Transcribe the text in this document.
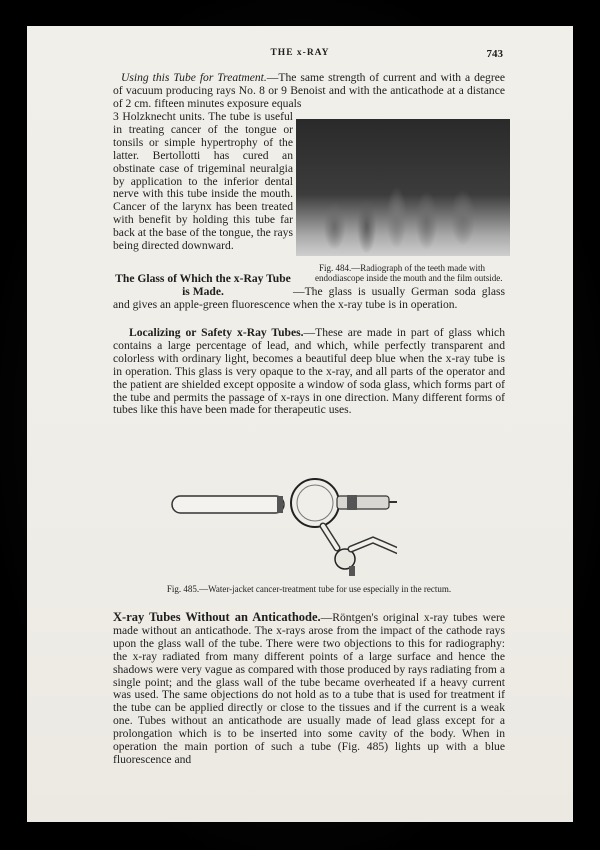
THE x-RAY	743
Using this Tube for Treatment.—The same strength of current and with a degree of vacuum producing rays No. 8 or 9 Benoist and with the anticathode at a distance of 2 cm. fifteen minutes exposure equals
3 Holzknecht units. The tube is useful in treating cancer of the tongue or tonsils or simple hypertrophy of the latter. Bertollotti has cured an obstinate case of trigeminal neuralgia by application to the inferior dental nerve with this tube inside the mouth. Cancer of the larynx has been treated with benefit by holding this tube far back at the base of the tongue, the rays being directed downward.
Fig. 484.—Radiograph of the teeth made with endodiascope inside the mouth and the film outside.
The Glass of Which the x-Ray Tube is Made.	—The glass is usually German soda glass and gives an apple-green fluorescence when the x-ray tube is in operation.
Localizing or Safety x-Ray Tubes.—These are made in part of glass which contains a large percentage of lead, and which, while perfectly transparent and colorless with ordinary light, becomes a beautiful deep blue when the x-ray tube is in operation. This glass is very opaque to the x-ray, and all parts of the operator and the patient are shielded except opposite a window of soda glass, which forms part of the tube and permits the passage of x-rays in one direction. Many different forms of tubes like this have been made for therapeutic uses.
Fig. 485.—Water-jacket cancer-treatment tube for use especially in the rectum.
X-ray Tubes Without an Anticathode.—Röntgen's original x-ray tubes were made without an anticathode. The x-rays arose from the impact of the cathode rays upon the glass wall of the tube. There were two objections to this for radiography: the x-ray radiated from many different points of a large surface and hence the shadows were very vague as compared with those produced by rays radiating from a single point; and the glass wall of the tube became overheated if a heavy current was used. The same objections do not hold as to a tube that is used for treatment if the tube can be applied directly or close to the tissues and if the current is a weak one. Tubes without an anticathode are usually made of lead glass except for a prolongation which is to be inserted into some cavity of the body. When in operation the main portion of such a tube (Fig. 485) lights up with a blue fluorescence and
